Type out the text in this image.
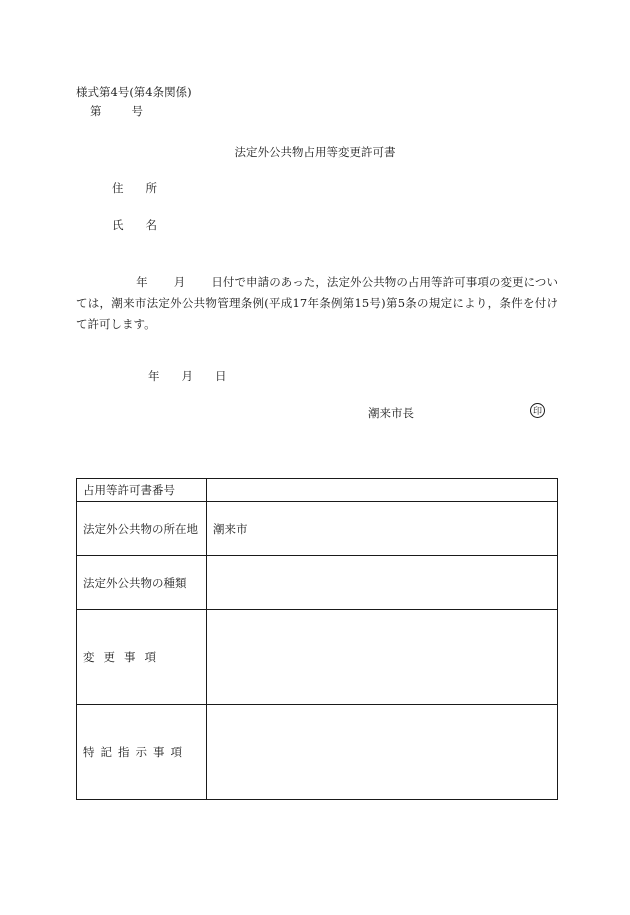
様式第4号(第4条関係)
第	号
法定外公共物占用等変更許可書
住 所
氏 名
年 月 日付で申請のあった，法定外公共物の占用等許可事項の変更については，潮来市法定外公共物管理条例(平成17年条例第15号)第5条の規定により，条件を付けて許可します。
年 月 日
潮来市長	印
占用等許可書番号	
法定外公共物の所在地	潮来市
法定外公共物の種類	
変更事項	
特記指示事項	
